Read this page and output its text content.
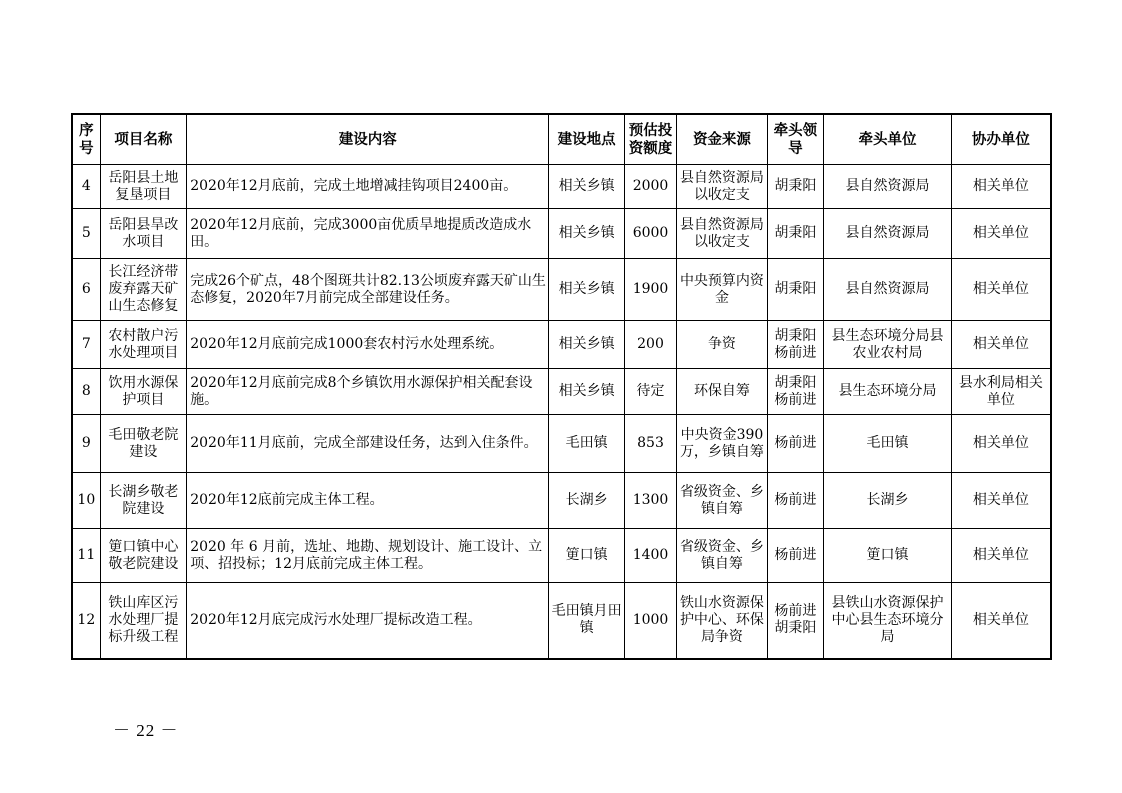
序号	项目名称	建设内容	建设地点	预估投资额度	资金来源	牵头领导	牵头单位	协办单位
4	岳阳县土地复垦项目	2020年12月底前，完成土地增减挂钩项目2400亩。	相关乡镇	2000	县自然资源局以收定支	胡秉阳	县自然资源局	相关单位
5	岳阳县旱改水项目	2020年12月底前，完成3000亩优质旱地提质改造成水田。	相关乡镇	6000	县自然资源局以收定支	胡秉阳	县自然资源局	相关单位
6	长江经济带废弃露天矿山生态修复	完成26个矿点，48个图斑共计82.13公顷废弃露天矿山生态修复，2020年7月前完成全部建设任务。	相关乡镇	1900	中央预算内资金	胡秉阳	县自然资源局	相关单位
7	农村散户污水处理项目	2020年12月底前完成1000套农村污水处理系统。	相关乡镇	200	争资	胡秉阳杨前进	县生态环境分局县农业农村局	相关单位
8	饮用水源保护项目	2020年12月底前完成8个乡镇饮用水源保护相关配套设施。	相关乡镇	待定	环保自筹	胡秉阳杨前进	县生态环境分局	县水利局相关单位
9	毛田敬老院建设	2020年11月底前，完成全部建设任务，达到入住条件。	毛田镇	853	中央资金390万，乡镇自筹	杨前进	毛田镇	相关单位
10	长湖乡敬老院建设	2020年12底前完成主体工程。	长湖乡	1300	省级资金、乡镇自筹	杨前进	长湖乡	相关单位
11	筻口镇中心敬老院建设	2020 年 6 月前，选址、地勘、规划设计、施工设计、立项、招投标；12月底前完成主体工程。	筻口镇	1400	省级资金、乡镇自筹	杨前进	筻口镇	相关单位
12	铁山库区污水处理厂提标升级工程	2020年12月底完成污水处理厂提标改造工程。	毛田镇月田镇	1000	铁山水资源保护中心、环保局争资	杨前进胡秉阳	县铁山水资源保护中心县生态环境分局	相关单位
－ 22 －
